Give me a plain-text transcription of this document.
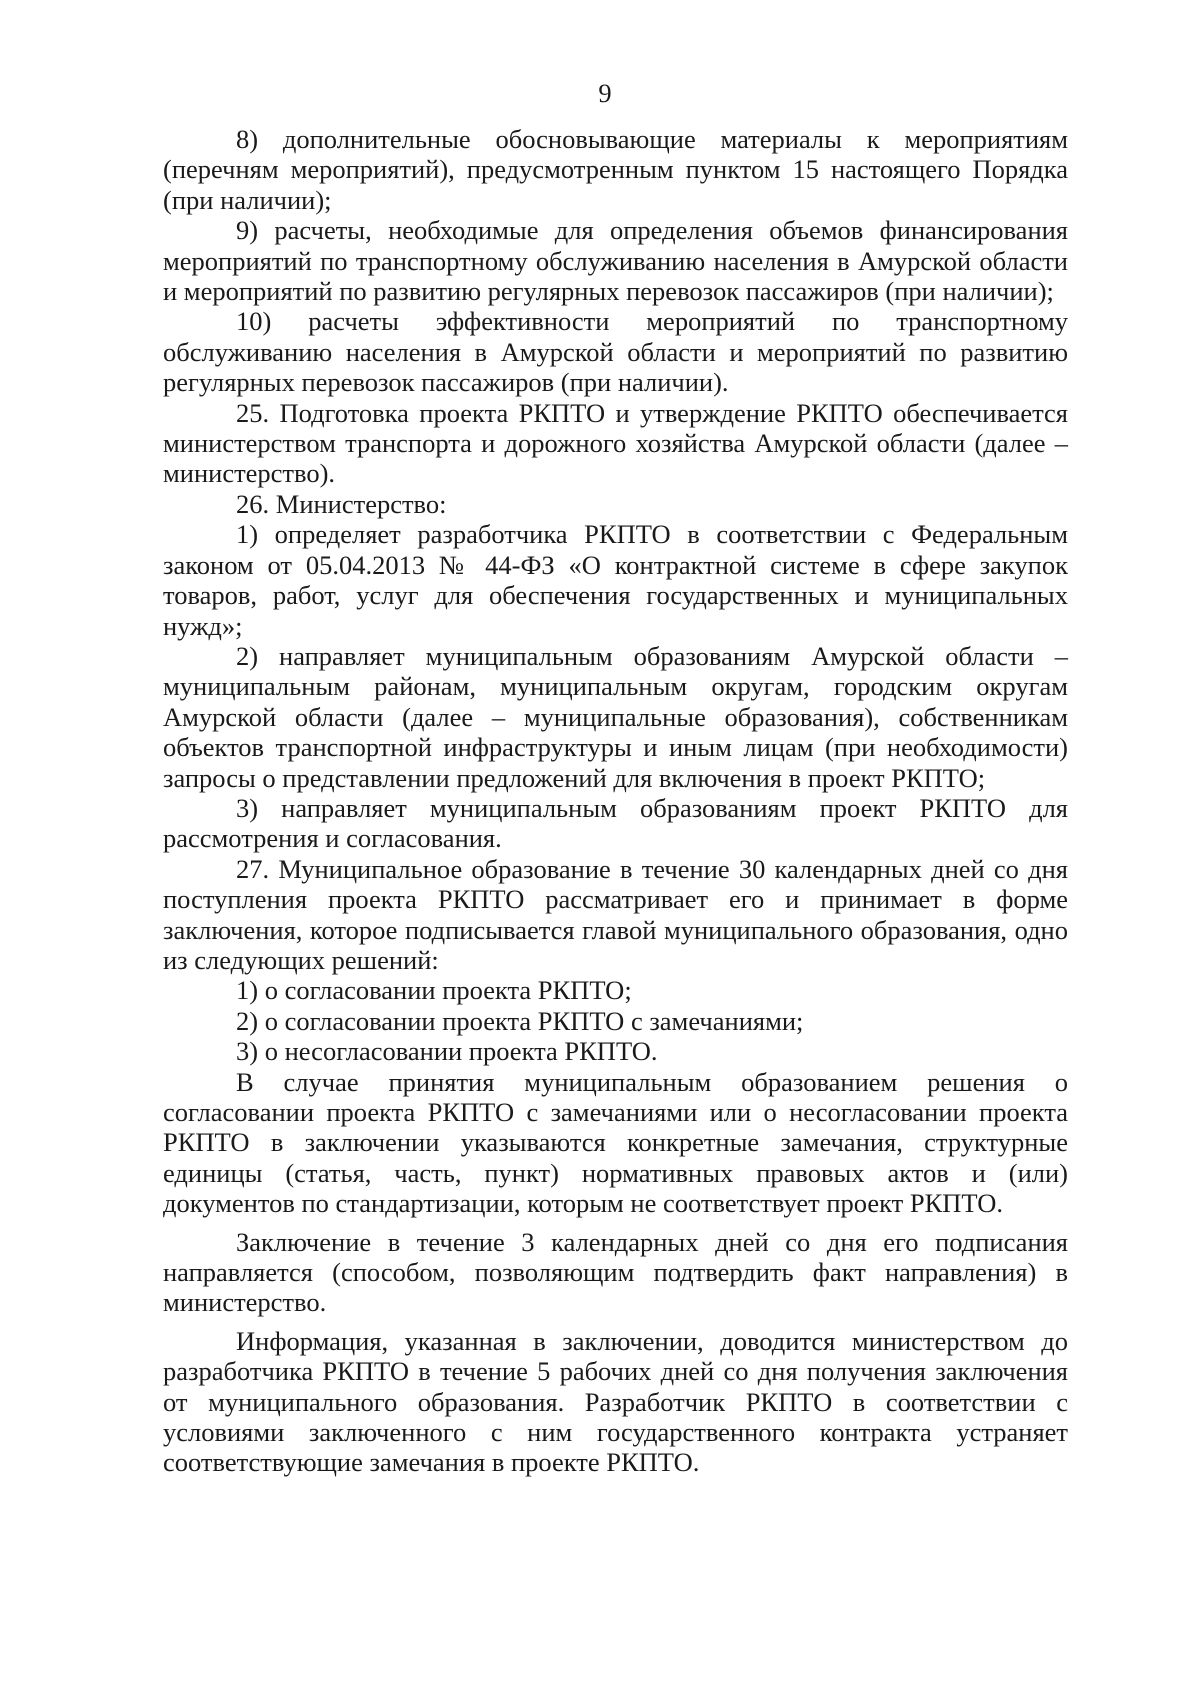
9

8) дополнительные обосновывающие материалы к мероприятиям (перечням мероприятий), предусмотренным пунктом 15 настоящего Порядка (при наличии);

9) расчеты, необходимые для определения объемов финансирования мероприятий по транспортному обслуживанию населения в Амурской области и мероприятий по развитию регулярных перевозок пассажиров (при наличии);

10) расчеты эффективности мероприятий по транспортному обслуживанию населения в Амурской области и мероприятий по развитию регулярных перевозок пассажиров (при наличии).

25. Подготовка проекта РКПТО и утверждение РКПТО обеспечивается министерством транспорта и дорожного хозяйства Амурской области (далее – министерство).

26. Министерство:

1) определяет разработчика РКПТО в соответствии с Федеральным законом от 05.04.2013 № 44-ФЗ «О контрактной системе в сфере закупок товаров, работ, услуг для обеспечения государственных и муниципальных нужд»;

2) направляет муниципальным образованиям Амурской области – муниципальным районам, муниципальным округам, городским округам Амурской области (далее – муниципальные образования), собственникам объектов транспортной инфраструктуры и иным лицам (при необходимости) запросы о представлении предложений для включения в проект РКПТО;

3) направляет муниципальным образованиям проект РКПТО для рассмотрения и согласования.

27. Муниципальное образование в течение 30 календарных дней со дня поступления проекта РКПТО рассматривает его и принимает в форме заключения, которое подписывается главой муниципального образования, одно из следующих решений:

1) о согласовании проекта РКПТО;

2) о согласовании проекта РКПТО с замечаниями;

3) о несогласовании проекта РКПТО.

В случае принятия муниципальным образованием решения о согласовании проекта РКПТО с замечаниями или о несогласовании проекта РКПТО в заключении указываются конкретные замечания, структурные единицы (статья, часть, пункт) нормативных правовых актов и (или) документов по стандартизации, которым не соответствует проект РКПТО.

Заключение в течение 3 календарных дней со дня его подписания направляется (способом, позволяющим подтвердить факт направления) в министерство.

Информация, указанная в заключении, доводится министерством до разработчика РКПТО в течение 5 рабочих дней со дня получения заключения от муниципального образования. Разработчик РКПТО в соответствии с условиями заключенного с ним государственного контракта устраняет соответствующие замечания в проекте РКПТО.
